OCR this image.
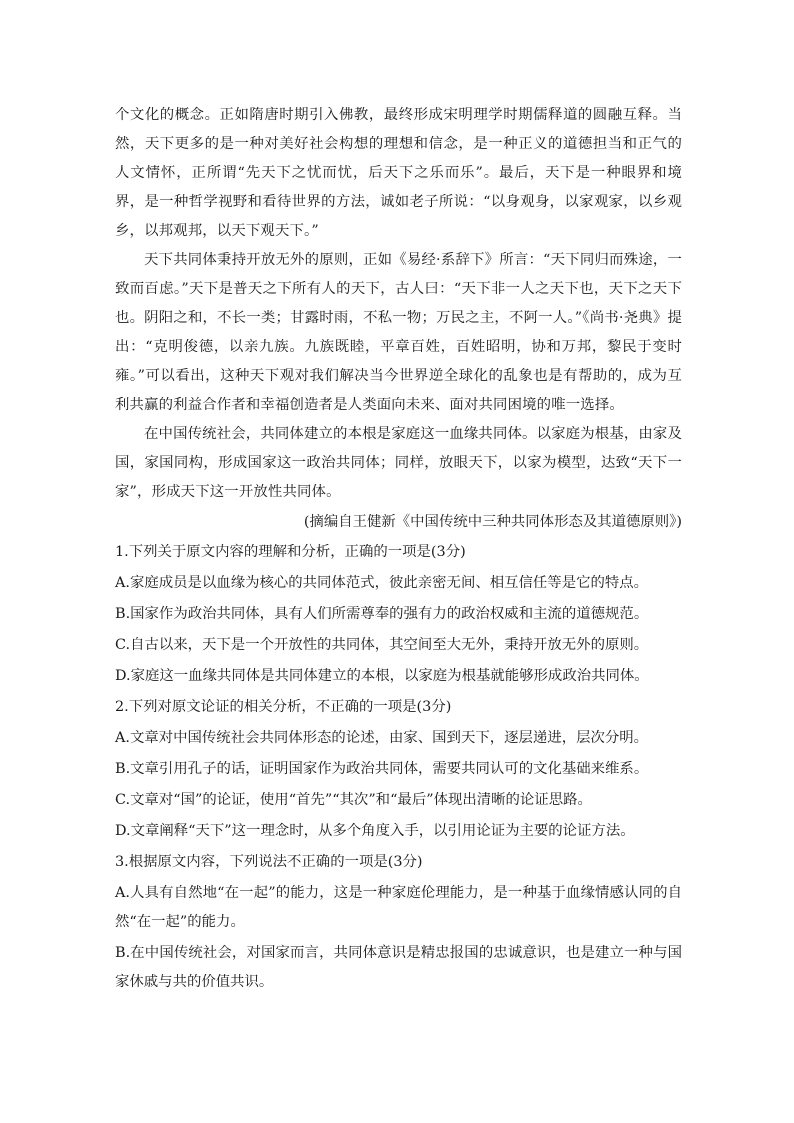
个文化的概念。正如隋唐时期引入佛教，最终形成宋明理学时期儒释道的圆融互释。当然，天下更多的是一种对美好社会构想的理想和信念，是一种正义的道德担当和正气的人文情怀，正所谓“先天下之忧而忧，后天下之乐而乐”。最后，天下是一种眼界和境界，是一种哲学视野和看待世界的方法，诚如老子所说：“以身观身，以家观家，以乡观乡，以邦观邦，以天下观天下。”

天下共同体秉持开放无外的原则，正如《易经·系辞下》所言：“天下同归而殊途，一致而百虑。”天下是普天之下所有人的天下，古人曰：“天下非一人之天下也，天下之天下也。阴阳之和，不长一类；甘露时雨，不私一物；万民之主，不阿一人。”《尚书·尧典》提出：“克明俊德，以亲九族。九族既睦，平章百姓，百姓昭明，协和万邦，黎民于变时雍。”可以看出，这种天下观对我们解决当今世界逆全球化的乱象也是有帮助的，成为互利共赢的利益合作者和幸福创造者是人类面向未来、面对共同困境的唯一选择。

在中国传统社会，共同体建立的本根是家庭这一血缘共同体。以家庭为根基，由家及国，家国同构，形成国家这一政治共同体；同样，放眼天下，以家为模型，达致“天下一家”，形成天下这一开放性共同体。

(摘编自王健新《中国传统中三种共同体形态及其道德原则》)

1.下列关于原文内容的理解和分析，正确的一项是(3分)

A.家庭成员是以血缘为核心的共同体范式，彼此亲密无间、相互信任等是它的特点。

B.国家作为政治共同体，具有人们所需尊奉的强有力的政治权威和主流的道德规范。

C.自古以来，天下是一个开放性的共同体，其空间至大无外，秉持开放无外的原则。

D.家庭这一血缘共同体是共同体建立的本根，以家庭为根基就能够形成政治共同体。

2.下列对原文论证的相关分析，不正确的一项是(3分)

A.文章对中国传统社会共同体形态的论述，由家、国到天下，逐层递进，层次分明。

B.文章引用孔子的话，证明国家作为政治共同体，需要共同认可的文化基础来维系。

C.文章对“国”的论证，使用“首先”“其次”和“最后”体现出清晰的论证思路。

D.文章阐释“天下”这一理念时，从多个角度入手，以引用论证为主要的论证方法。

3.根据原文内容，下列说法不正确的一项是(3分)

A.人具有自然地“在一起”的能力，这是一种家庭伦理能力，是一种基于血缘情感认同的自然“在一起”的能力。

B.在中国传统社会，对国家而言，共同体意识是精忠报国的忠诚意识，也是建立一种与国家休戚与共的价值共识。
